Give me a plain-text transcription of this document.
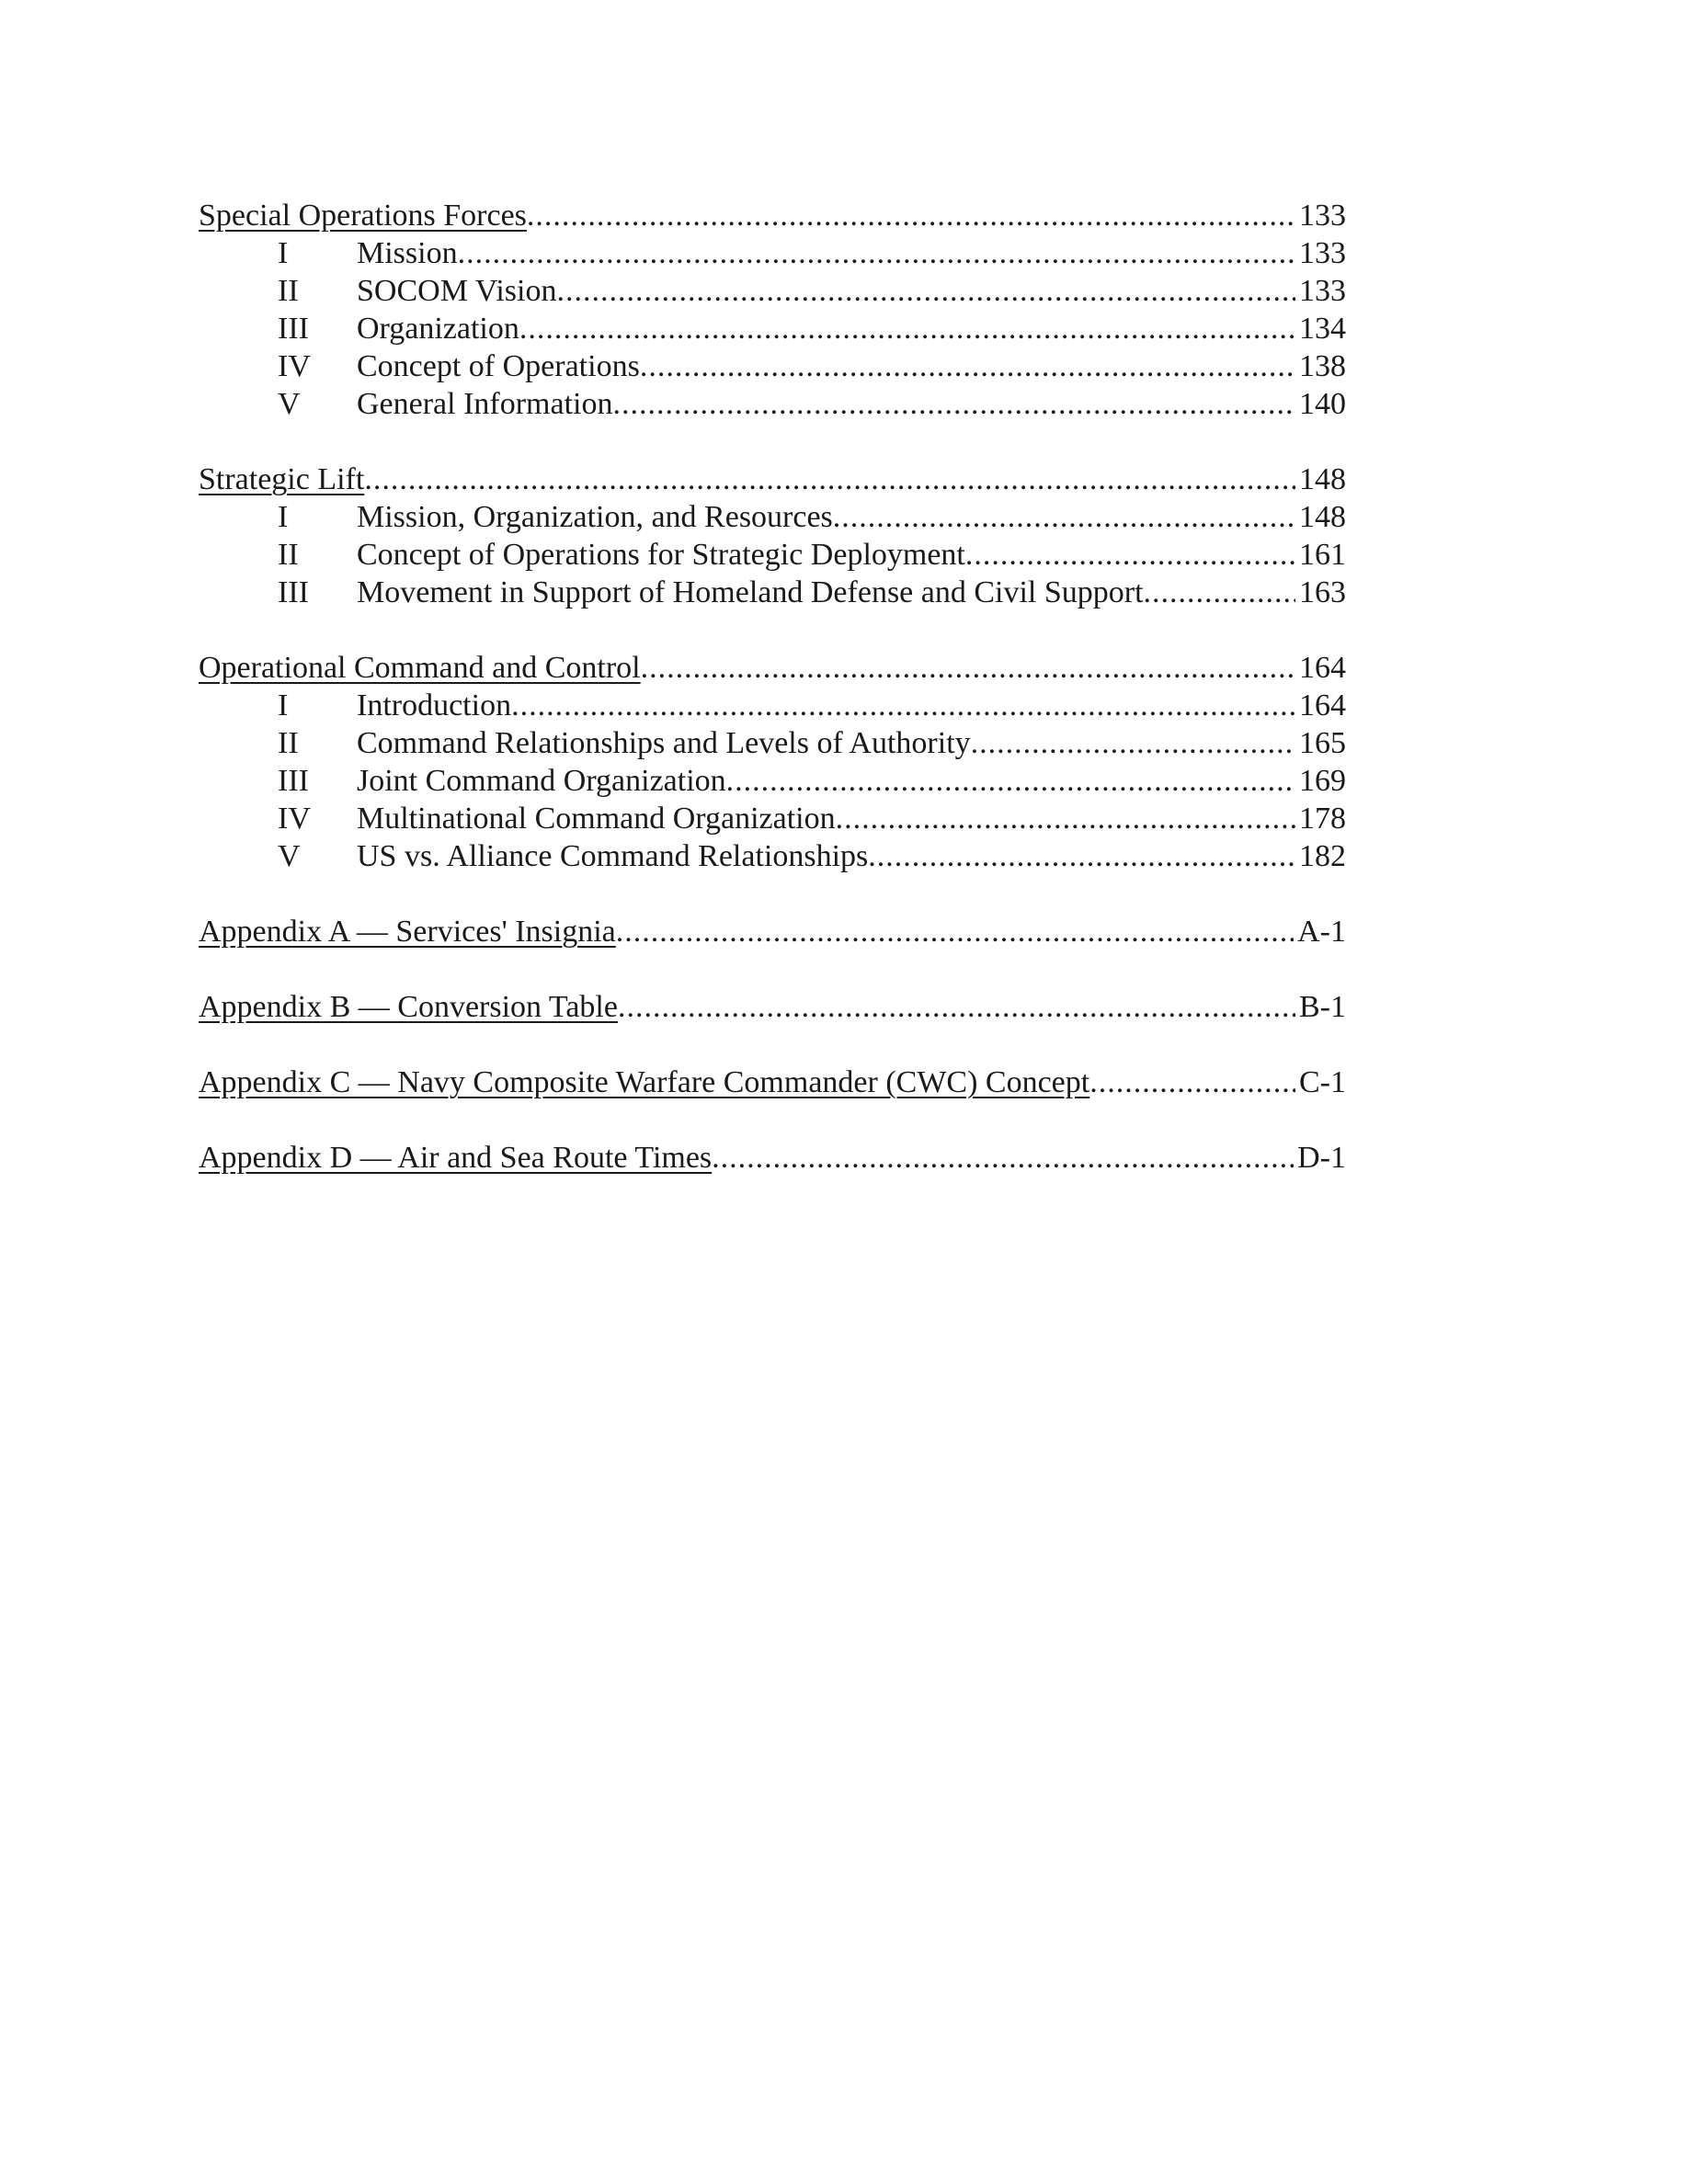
Special Operations Forces .....	133
I	Mission .....	133
II	SOCOM Vision .....	133
III	Organization .....	134
IV	Concept of Operations .....	138
V	General Information .....	140
Strategic Lift .....	148
I	Mission, Organization, and Resources .....	148
II	Concept of Operations for Strategic Deployment .....	161
III	Movement in Support of Homeland Defense and Civil Support .....	163
Operational Command and Control .....	164
I	Introduction .....	164
II	Command Relationships and Levels of Authority .....	165
III	Joint Command Organization .....	169
IV	Multinational Command Organization .....	178
V	US vs. Alliance Command Relationships .....	182
Appendix A — Services' Insignia .....	A-1
Appendix B — Conversion Table .....	B-1
Appendix C — Navy Composite Warfare Commander (CWC) Concept .....	C-1
Appendix D — Air and Sea Route Times .....	D-1
